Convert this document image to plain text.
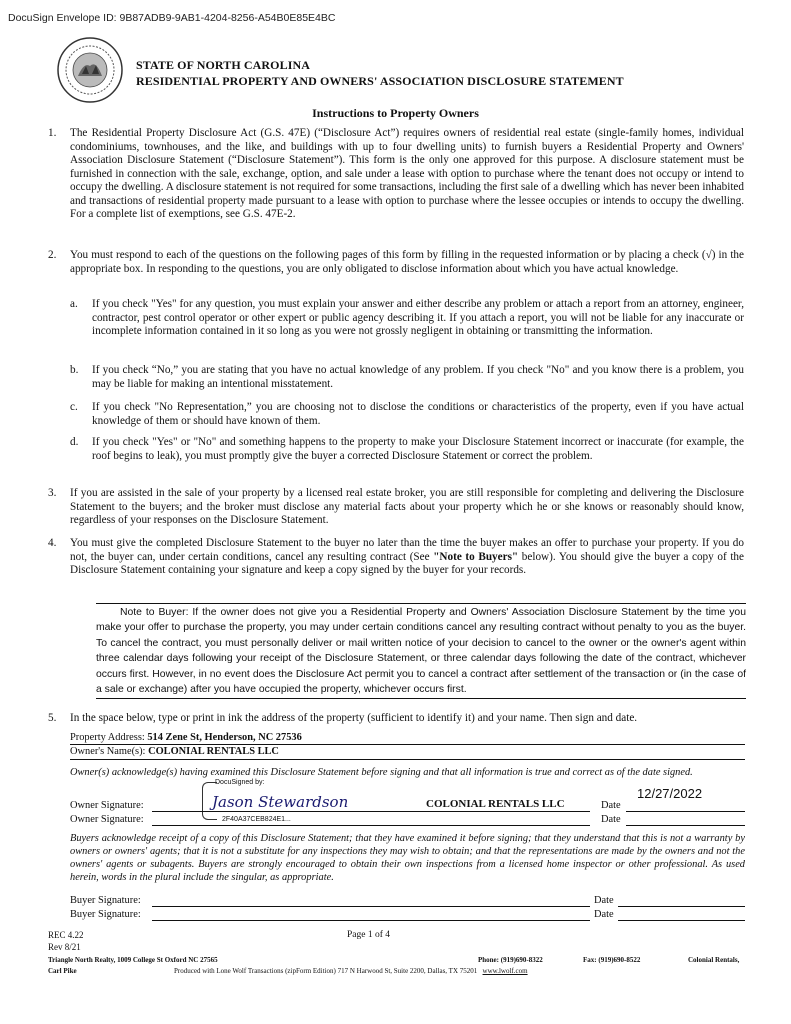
DocuSign Envelope ID: 9B87ADB9-9AB1-4204-8256-A54B0E85E4BC
STATE OF NORTH CAROLINA
RESIDENTIAL PROPERTY AND OWNERS' ASSOCIATION DISCLOSURE STATEMENT
Instructions to Property Owners
1. The Residential Property Disclosure Act (G.S. 47E) (“Disclosure Act”) requires owners of residential real estate (single-family homes, individual condominiums, townhouses, and the like, and buildings with up to four dwelling units) to furnish buyers a Residential Property and Owners' Association Disclosure Statement (“Disclosure Statement”). This form is the only one approved for this purpose. A disclosure statement must be furnished in connection with the sale, exchange, option, and sale under a lease with option to purchase where the tenant does not occupy or intend to occupy the dwelling. A disclosure statement is not required for some transactions, including the first sale of a dwelling which has never been inhabited and transactions of residential property made pursuant to a lease with option to purchase where the lessee occupies or intends to occupy the dwelling. For a complete list of exemptions, see G.S. 47E-2.
2. You must respond to each of the questions on the following pages of this form by filling in the requested information or by placing a check (√) in the appropriate box. In responding to the questions, you are only obligated to disclose information about which you have actual knowledge.
a. If you check "Yes" for any question, you must explain your answer and either describe any problem or attach a report from an attorney, engineer, contractor, pest control operator or other expert or public agency describing it. If you attach a report, you will not be liable for any inaccurate or incomplete information contained in it so long as you were not grossly negligent in obtaining or transmitting the information.
b. If you check “No,” you are stating that you have no actual knowledge of any problem. If you check "No" and you know there is a problem, you may be liable for making an intentional misstatement.
c. If you check "No Representation,” you are choosing not to disclose the conditions or characteristics of the property, even if you have actual knowledge of them or should have known of them.
d. If you check "Yes" or "No" and something happens to the property to make your Disclosure Statement incorrect or inaccurate (for example, the roof begins to leak), you must promptly give the buyer a corrected Disclosure Statement or correct the problem.
3. If you are assisted in the sale of your property by a licensed real estate broker, you are still responsible for completing and delivering the Disclosure Statement to the buyers; and the broker must disclose any material facts about your property which he or she knows or reasonably should know, regardless of your responses on the Disclosure Statement.
4. You must give the completed Disclosure Statement to the buyer no later than the time the buyer makes an offer to purchase your property. If you do not, the buyer can, under certain conditions, cancel any resulting contract (See "Note to Buyers" below). You should give the buyer a copy of the Disclosure Statement containing your signature and keep a copy signed by the buyer for your records.
Note to Buyer: If the owner does not give you a Residential Property and Owners' Association Disclosure Statement by the time you make your offer to purchase the property, you may under certain conditions cancel any resulting contract without penalty to you as the buyer. To cancel the contract, you must personally deliver or mail written notice of your decision to cancel to the owner or the owner's agent within three calendar days following your receipt of the Disclosure Statement, or three calendar days following the date of the contract, whichever occurs first. However, in no event does the Disclosure Act permit you to cancel a contract after settlement of the transaction or (in the case of a sale or exchange) after you have occupied the property, whichever occurs first.
5. In the space below, type or print in ink the address of the property (sufficient to identify it) and your name. Then sign and date.
Property Address: 514 Zene St, Henderson, NC 27536
Owner's Name(s): COLONIAL RENTALS LLC
Owner(s) acknowledge(s) having examined this Disclosure Statement before signing and that all information is true and correct as of the date signed.
DocuSigned by:
Jason Stewardson
2F40A37CEB824E1...
Owner Signature:	COLONIAL RENTALS LLC	Date
12/27/2022
Owner Signature:	Date
Buyers acknowledge receipt of a copy of this Disclosure Statement; that they have examined it before signing; that they understand that this is not a warranty by owners or owners' agents; that it is not a substitute for any inspections they may wish to obtain; and that the representations are made by the owners and not the owners' agents or subagents. Buyers are strongly encouraged to obtain their own inspections from a licensed home inspector or other professional. As used herein, words in the plural include the singular, as appropriate.
Buyer Signature:	Date
Buyer Signature:	Date
REC 4.22
Rev 8/21
Page 1 of 4
Triangle North Realty, 1009 College St Oxford NC 27565	Phone: (919)690-8322	Fax: (919)690-8522	Colonial Rentals,
Carl Pike	Produced with Lone Wolf Transactions (zipForm Edition) 717 N Harwood St, Suite 2200, Dallas, TX 75201 www.lwolf.com
